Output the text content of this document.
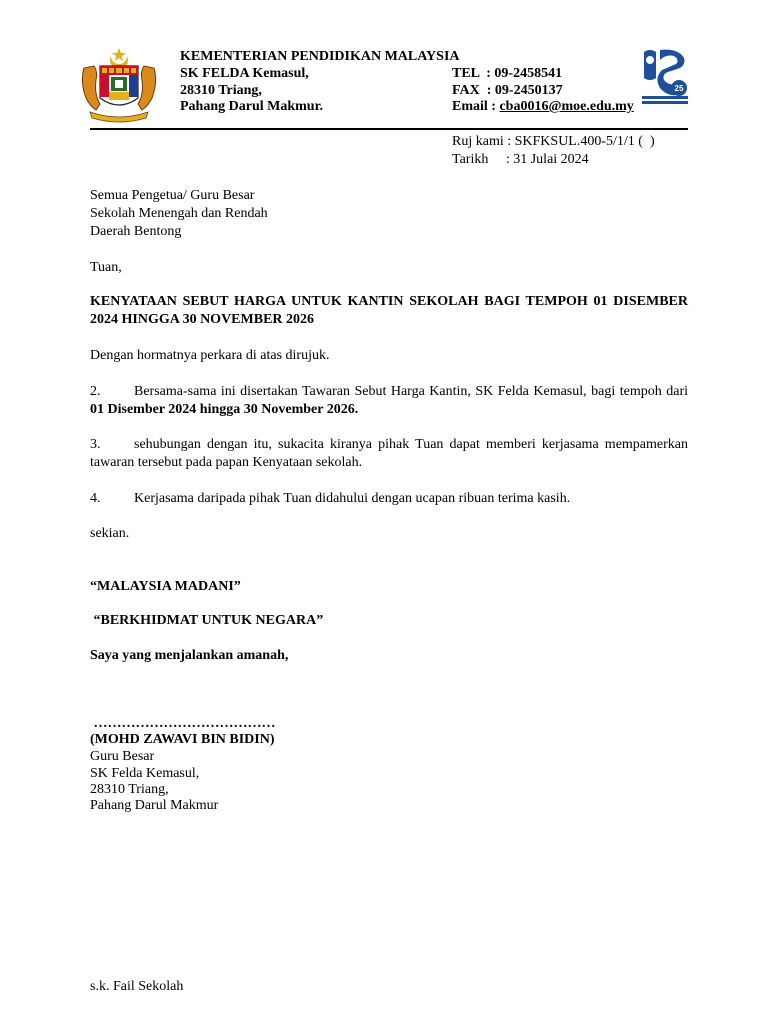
KEMENTERIAN PENDIDIKAN MALAYSIA
SK FELDA Kemasul,
28310 Triang,
Pahang Darul Makmur.
TEL  : 09-2458541
FAX  : 09-2450137
Email : cba0016@moe.edu.my
25
Ruj kami : SKFKSUL.400-5/1/1 (  )
Tarikh     : 31 Julai 2024
Semua Pengetua/ Guru Besar
Sekolah Menengah dan Rendah
Daerah Bentong
Tuan,
KENYATAAN SEBUT HARGA UNTUK KANTIN SEKOLAH BAGI TEMPOH 01 DISEMBER 2024 HINGGA 30 NOVEMBER 2026
Dengan hormatnya perkara di atas dirujuk.
2. Bersama-sama ini disertakan Tawaran Sebut Harga Kantin, SK Felda Kemasul, bagi tempoh dari 01 Disember 2024 hingga 30 November 2026.
3. sehubungan dengan itu, sukacita kiranya pihak Tuan dapat memberi kerjasama mempamerkan tawaran tersebut pada papan Kenyataan sekolah.
4. Kerjasama daripada pihak Tuan didahului dengan ucapan ribuan terima kasih.
sekian.
“MALAYSIA MADANI”
“BERKHIDMAT UNTUK NEGARA”
Saya yang menjalankan amanah,
…………………………………
(MOHD ZAWAVI BIN BIDIN)
Guru Besar
SK Felda Kemasul,
28310 Triang,
Pahang Darul Makmur
s.k. Fail Sekolah
